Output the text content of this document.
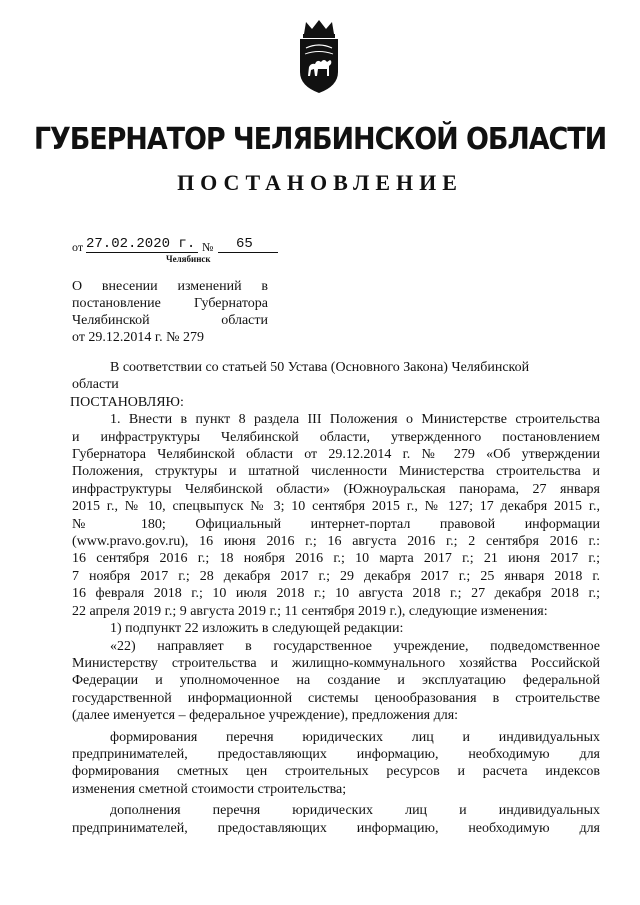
ГУБЕРНАТОР ЧЕЛЯБИНСКОЙ ОБЛАСТИ
ПОСТАНОВЛЕНИЕ
от 27.02.2020 г. № 65
Челябинск
О внесении изменений в
постановление Губернатора
Челябинской области
от 29.12.2014 г. № 279
В соответствии со статьей 50 Устава (Основного Закона) Челябинской
области
ПОСТАНОВЛЯЮ:
1. Внести в пункт 8 раздела III Положения о Министерстве строительства
и инфраструктуры Челябинской области, утвержденного постановлением
Губернатора Челябинской области от 29.12.2014 г. № 279 «Об утверждении
Положения, структуры и штатной численности Министерства строительства и
инфраструктуры Челябинской области» (Южноуральская панорама, 27 января
2015 г., № 10, спецвыпуск № 3; 10 сентября 2015 г., № 127; 17 декабря 2015 г.,
№ 180; Официальный интернет-портал правовой информации
(www.pravo.gov.ru), 16 июня 2016 г.; 16 августа 2016 г.; 2 сентября 2016 г.:
16 сентября 2016 г.; 18 ноября 2016 г.; 10 марта 2017 г.; 21 июня 2017 г.;
7 ноября 2017 г.; 28 декабря 2017 г.; 29 декабря 2017 г.; 25 января 2018 г.
16 февраля 2018 г.; 10 июля 2018 г.; 10 августа 2018 г.; 27 декабря 2018 г.;
22 апреля 2019 г.; 9 августа 2019 г.; 11 сентября 2019 г.), следующие изменения:
1) подпункт 22 изложить в следующей редакции:
«22) направляет в государственное учреждение, подведомственное
Министерству строительства и жилищно-коммунального хозяйства Российской
Федерации и уполномоченное на создание и эксплуатацию федеральной
государственной информационной системы ценообразования в строительстве
(далее именуется – федеральное учреждение), предложения для:
формирования перечня юридических лиц и индивидуальных
предпринимателей, предоставляющих информацию, необходимую для
формирования сметных цен строительных ресурсов и расчета индексов
изменения сметной стоимости строительства;
дополнения перечня юридических лиц и индивидуальных
предпринимателей, предоставляющих информацию, необходимую для
